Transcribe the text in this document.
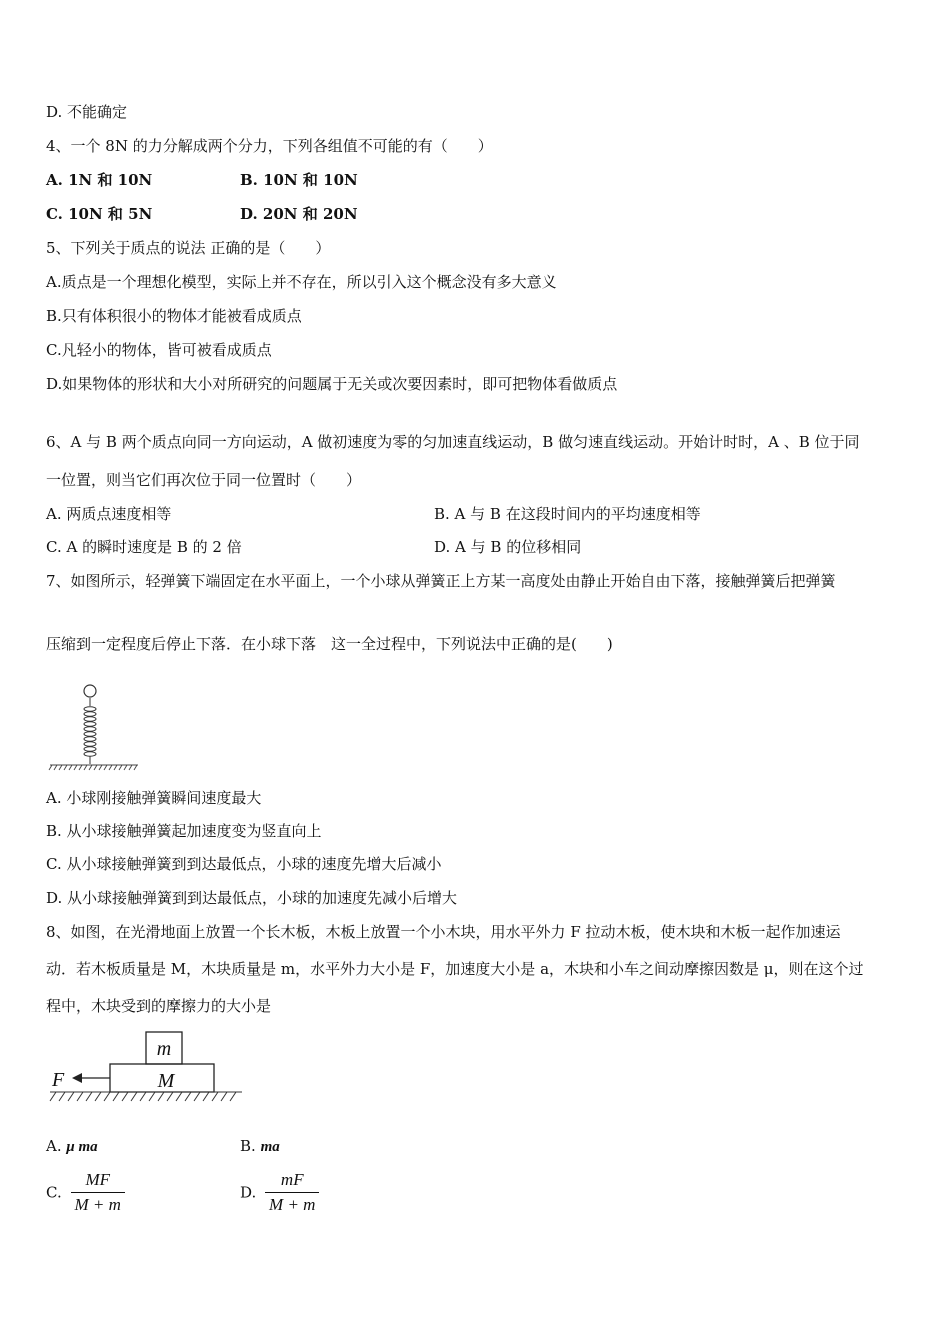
D. 不能确定
4、一个 8N 的力分解成两个分力，下列各组值不可能的有（　　）
A. 1N 和 10N	B. 10N 和 10N
C. 10N 和 5N	D. 20N 和 20N
5、下列关于质点的说法 正确的是（　　）
A.质点是一个理想化模型，实际上并不存在，所以引入这个概念没有多大意义
B.只有体积很小的物体才能被看成质点
C.凡轻小的物体，皆可被看成质点
D.如果物体的形状和大小对所研究的问题属于无关或次要因素时，即可把物体看做质点
6、A 与 B 两个质点向同一方向运动，A 做初速度为零的匀加速直线运动，B 做匀速直线运动。开始计时时，A 、B 位于同
一位置，则当它们再次位于同一位置时（　　）
A. 两质点速度相等	B. A 与 B 在这段时间内的平均速度相等
C. A 的瞬时速度是 B 的 2 倍	D. A 与 B 的位移相同
7、如图所示，轻弹簧下端固定在水平面上，一个小球从弹簧正上方某一高度处由静止开始自由下落，接触弹簧后把弹簧
压缩到一定程度后停止下落．在小球下落　这一全过程中，下列说法中正确的是(　　)
A. 小球刚接触弹簧瞬间速度最大
B. 从小球接触弹簧起加速度变为竖直向上
C. 从小球接触弹簧到到达最低点，小球的速度先增大后减小
D. 从小球接触弹簧到到达最低点，小球的加速度先减小后增大
8、如图，在光滑地面上放置一个长木板，木板上放置一个小木块，用水平外力 F 拉动木板，使木块和木板一起作加速运
动．若木板质量是 M，木块质量是 m，水平外力大小是 F，加速度大小是 a，木块和小车之间动摩擦因数是 μ，则在这个过
程中，木块受到的摩擦力的大小是
m
M
F
A. μ ma	B. ma
C. $\frac{MF}{M + m}$	D. $\frac{mF}{M + m}$
